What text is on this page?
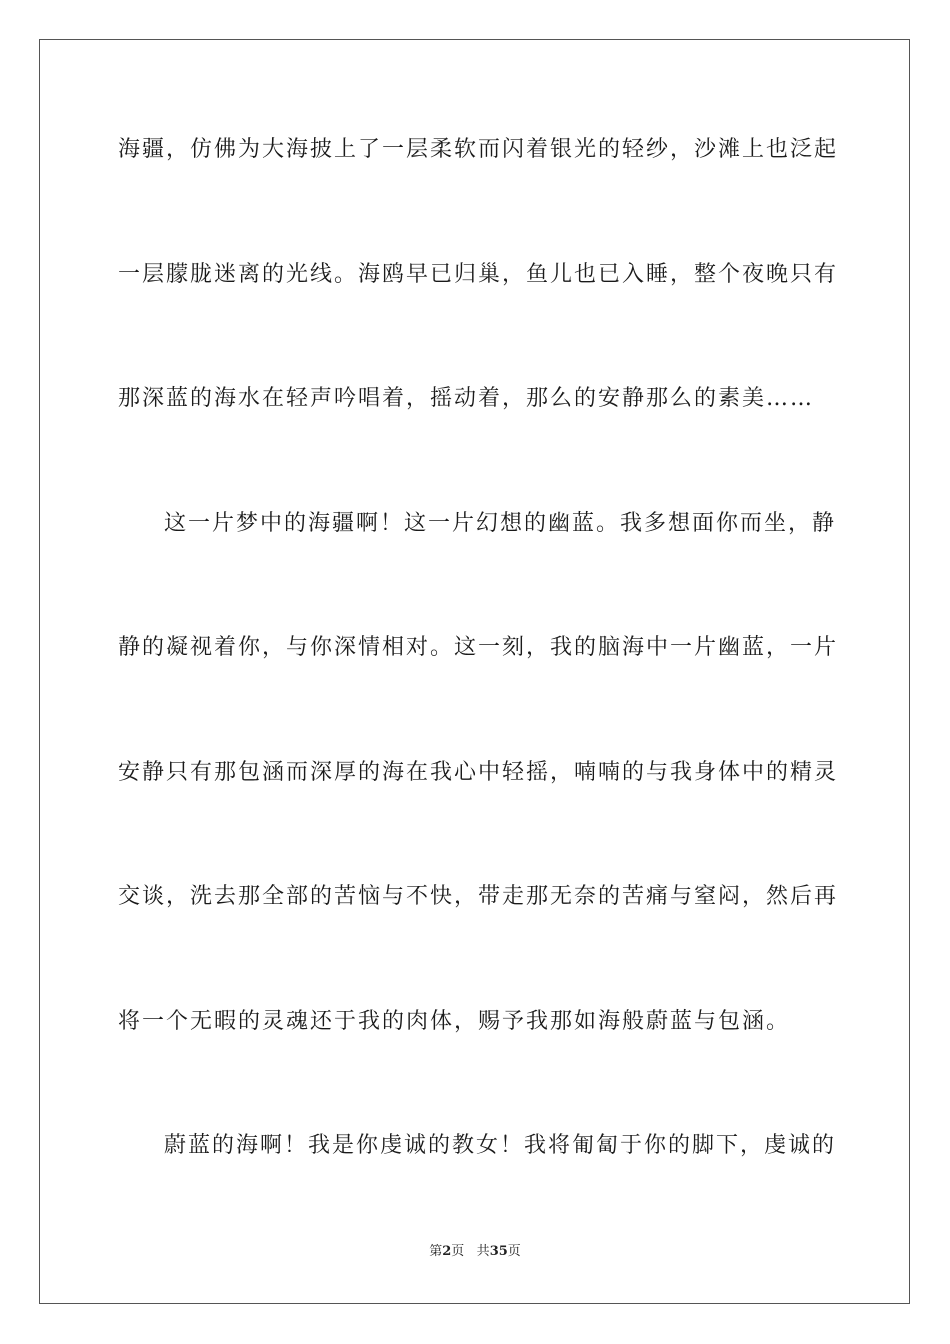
海疆，仿佛为大海披上了一层柔软而闪着银光的轻纱，沙滩上也泛起
一层朦胧迷离的光线。海鸥早已归巢，鱼儿也已入睡，整个夜晚只有
那深蓝的海水在轻声吟唱着，摇动着，那么的安静那么的素美……
这一片梦中的海疆啊！这一片幻想的幽蓝。我多想面你而坐，静
静的凝视着你，与你深情相对。这一刻，我的脑海中一片幽蓝，一片
安静只有那包涵而深厚的海在我心中轻摇，喃喃的与我身体中的精灵
交谈，洗去那全部的苦恼与不快，带走那无奈的苦痛与窒闷，然后再
将一个无暇的灵魂还于我的肉体，赐予我那如海般蔚蓝与包涵。
蔚蓝的海啊！我是你虔诚的教女！我将匍匐于你的脚下，虔诚的
第2页 共35页
